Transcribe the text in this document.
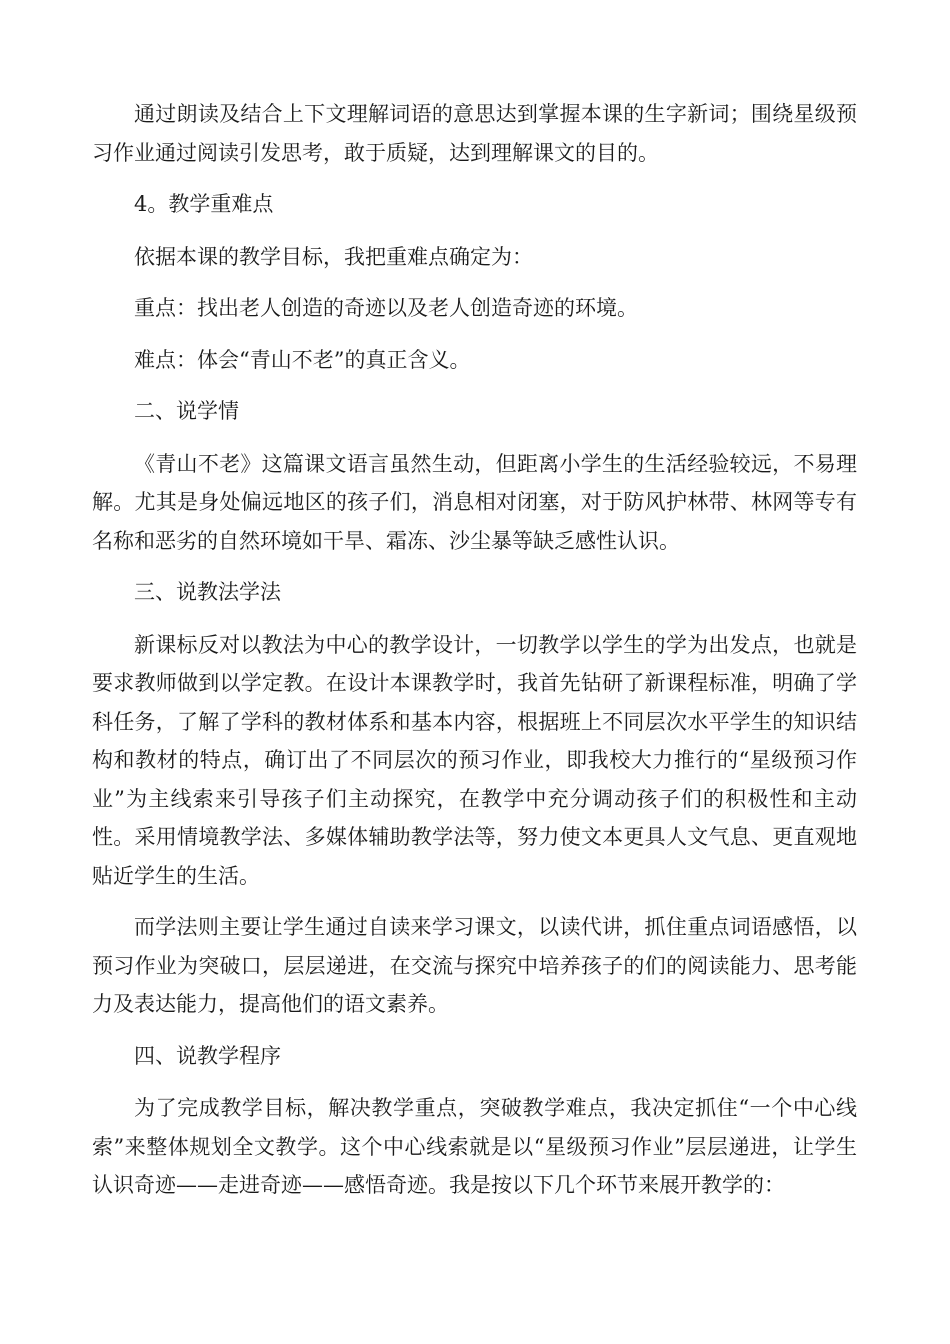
通过朗读及结合上下文理解词语的意思达到掌握本课的生字新词；围绕星级预习作业通过阅读引发思考，敢于质疑，达到理解课文的目的。

4。教学重难点

依据本课的教学目标，我把重难点确定为：

重点：找出老人创造的奇迹以及老人创造奇迹的环境。

难点：体会“青山不老”的真正含义。

二、说学情

《青山不老》这篇课文语言虽然生动，但距离小学生的生活经验较远，不易理解。尤其是身处偏远地区的孩子们，消息相对闭塞，对于防风护林带、林网等专有名称和恶劣的自然环境如干旱、霜冻、沙尘暴等缺乏感性认识。

三、说教法学法

新课标反对以教法为中心的教学设计，一切教学以学生的学为出发点，也就是要求教师做到以学定教。在设计本课教学时，我首先钻研了新课程标准，明确了学科任务，了解了学科的教材体系和基本内容，根据班上不同层次水平学生的知识结构和教材的特点，确订出了不同层次的预习作业，即我校大力推行的“星级预习作业”为主线索来引导孩子们主动探究，在教学中充分调动孩子们的积极性和主动性。采用情境教学法、多媒体辅助教学法等，努力使文本更具人文气息、更直观地贴近学生的生活。

而学法则主要让学生通过自读来学习课文，以读代讲，抓住重点词语感悟，以预习作业为突破口，层层递进，在交流与探究中培养孩子的们的阅读能力、思考能力及表达能力，提高他们的语文素养。

四、说教学程序

为了完成教学目标，解决教学重点，突破教学难点，我决定抓住“一个中心线索”来整体规划全文教学。这个中心线索就是以“星级预习作业”层层递进，让学生认识奇迹——走进奇迹——感悟奇迹。我是按以下几个环节来展开教学的：
